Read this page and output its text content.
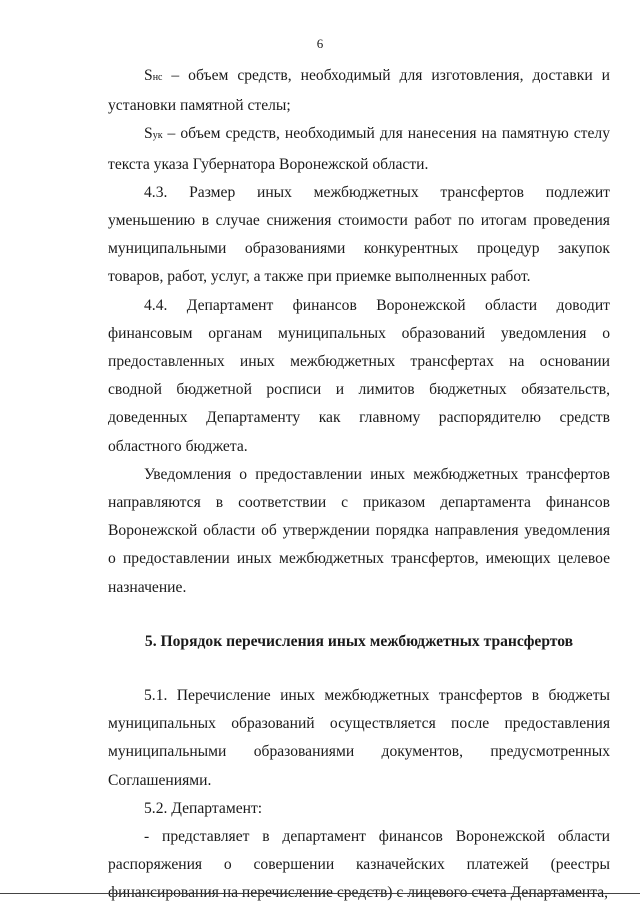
6

Sнс – объем средств, необходимый для изготовления, доставки и установки памятной стелы;

Sук – объем средств, необходимый для нанесения на памятную стелу текста указа Губернатора Воронежской области.

4.3. Размер иных межбюджетных трансфертов подлежит уменьшению в случае снижения стоимости работ по итогам проведения муниципальными образованиями конкурентных процедур закупок товаров, работ, услуг, а также при приемке выполненных работ.

4.4. Департамент финансов Воронежской области доводит финансовым органам муниципальных образований уведомления о предоставленных иных межбюджетных трансфертах на основании сводной бюджетной росписи и лимитов бюджетных обязательств, доведенных Департаменту как главному распорядителю средств областного бюджета.

Уведомления о предоставлении иных межбюджетных трансфертов направляются в соответствии с приказом департамента финансов Воронежской области об утверждении порядка направления уведомления о предоставлении иных межбюджетных трансфертов, имеющих целевое назначение.

5. Порядок перечисления иных межбюджетных трансфертов

5.1. Перечисление иных межбюджетных трансфертов в бюджеты муниципальных образований осуществляется после предоставления муниципальными образованиями документов, предусмотренных Соглашениями.

5.2. Департамент:

- представляет в департамент финансов Воронежской области распоряжения о совершении казначейских платежей (реестры финансирования на перечисление средств) с лицевого счета Департамента,
